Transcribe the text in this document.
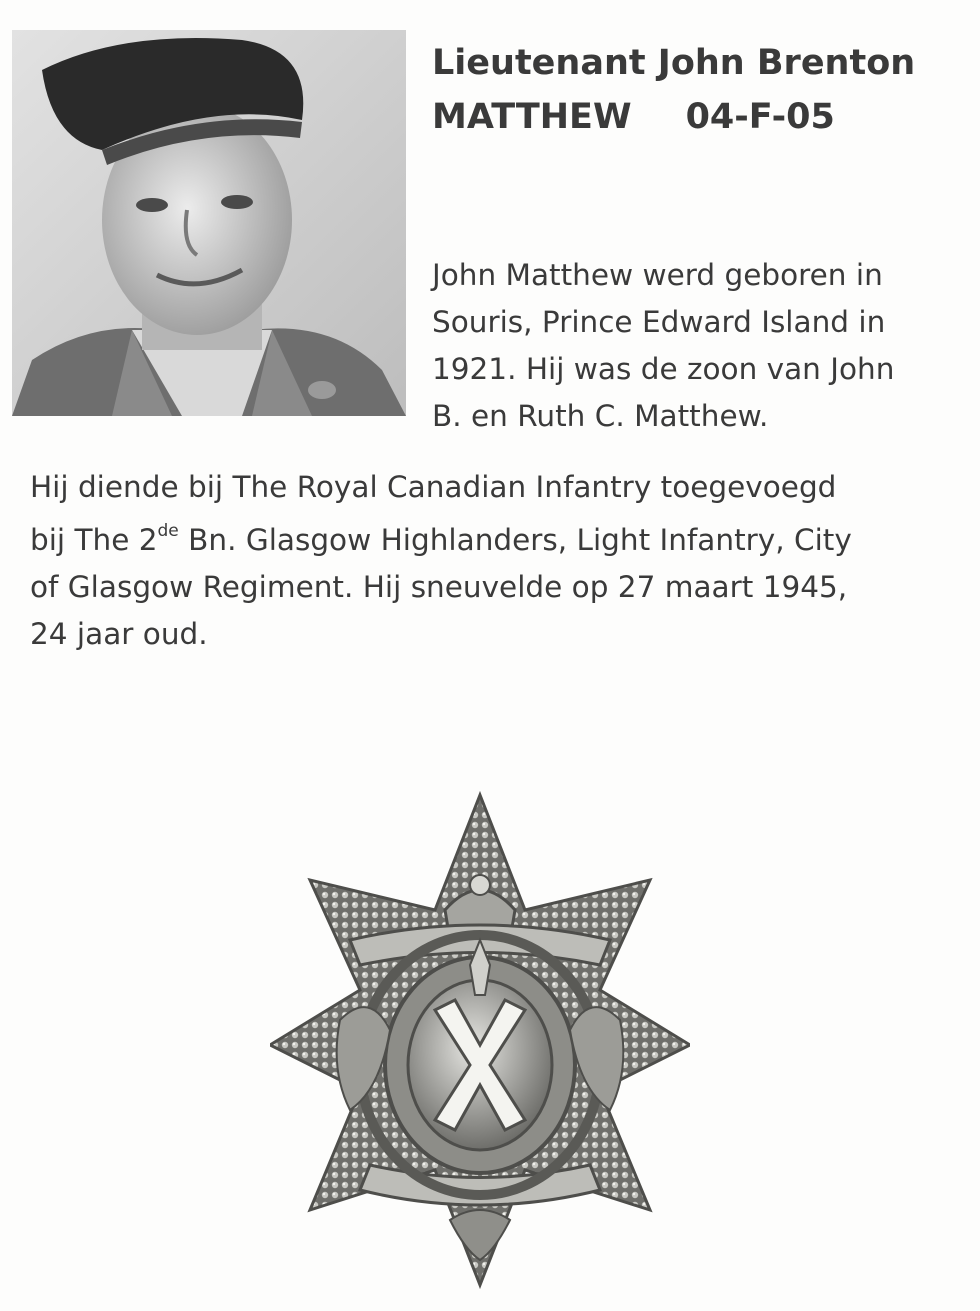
Lieutenant John Brenton
MATTHEW 04-F-05
John Matthew werd geboren in
Souris, Prince Edward Island in
1921. Hij was de zoon van John
B. en Ruth C. Matthew.
Hij diende bij The Royal Canadian Infantry toegevoegd
bij The 2de Bn. Glasgow Highlanders, Light Infantry, City
of Glasgow Regiment. Hij sneuvelde op 27 maart 1945,
24 jaar oud.
